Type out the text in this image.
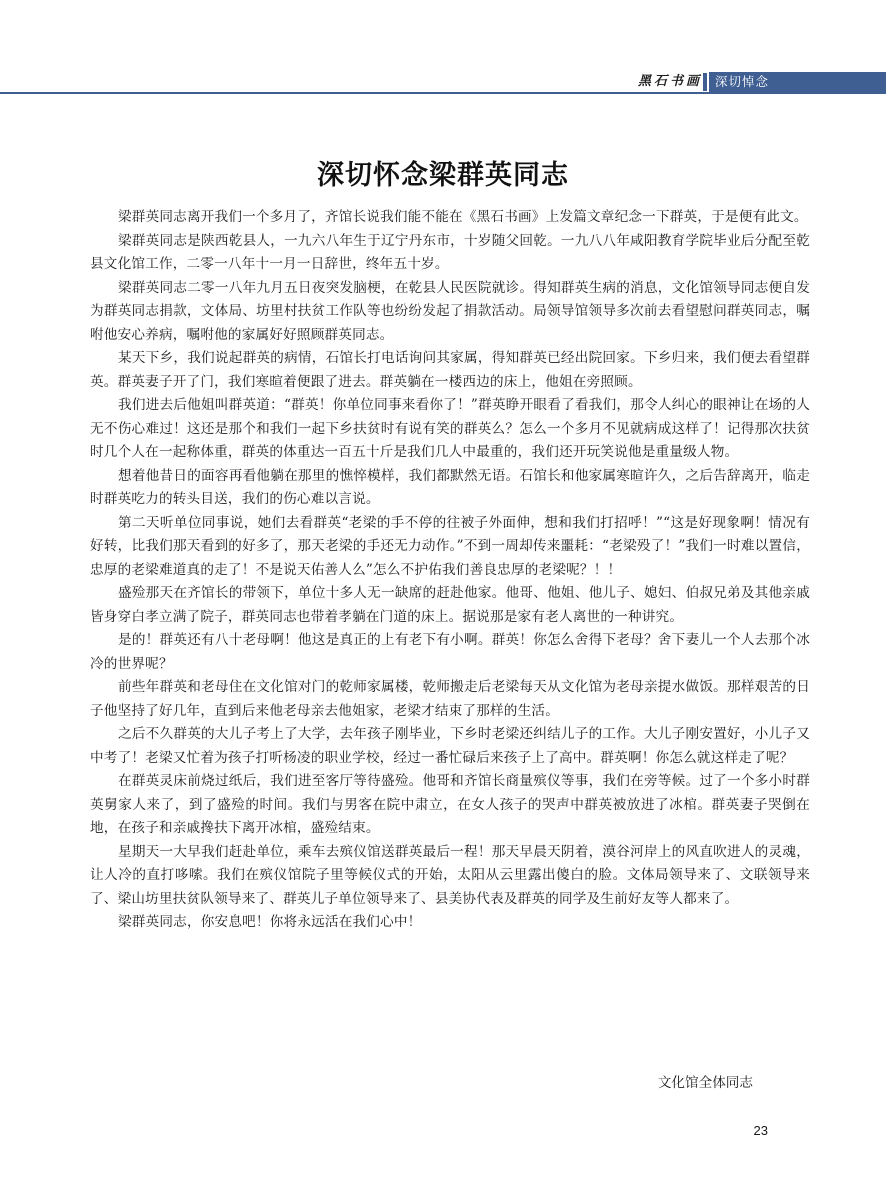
黑石书画	深切悼念
深切怀念梁群英同志

梁群英同志离开我们一个多月了，齐馆长说我们能不能在《黑石书画》上发篇文章纪念一下群英，于是便有此文。

梁群英同志是陕西乾县人，一九六八年生于辽宁丹东市，十岁随父回乾。一九八八年咸阳教育学院毕业后分配至乾县文化馆工作，二零一八年十一月一日辞世，终年五十岁。

梁群英同志二零一八年九月五日夜突发脑梗，在乾县人民医院就诊。得知群英生病的消息，文化馆领导同志便自发为群英同志捐款，文体局、坊里村扶贫工作队等也纷纷发起了捐款活动。局领导馆领导多次前去看望慰问群英同志，嘱咐他安心养病，嘱咐他的家属好好照顾群英同志。

某天下乡，我们说起群英的病情，石馆长打电话询问其家属，得知群英已经出院回家。下乡归来，我们便去看望群英。群英妻子开了门，我们寒暄着便跟了进去。群英躺在一楼西边的床上，他姐在旁照顾。

我们进去后他姐叫群英道：“群英！你单位同事来看你了！”群英睁开眼看了看我们，那令人纠心的眼神让在场的人无不伤心难过！这还是那个和我们一起下乡扶贫时有说有笑的群英么？怎么一个多月不见就病成这样了！记得那次扶贫时几个人在一起称体重，群英的体重达一百五十斤是我们几人中最重的，我们还开玩笑说他是重量级人物。

想着他昔日的面容再看他躺在那里的憔悴模样，我们都默然无语。石馆长和他家属寒暄许久，之后告辞离开，临走时群英吃力的转头目送，我们的伤心难以言说。

第二天听单位同事说，她们去看群英“老梁的手不停的往被子外面伸，想和我们打招呼！”“这是好现象啊！情况有好转，比我们那天看到的好多了，那天老梁的手还无力动作。”不到一周却传来噩耗：“老梁殁了！”我们一时难以置信，忠厚的老梁难道真的走了！不是说天佑善人么”怎么不护佑我们善良忠厚的老梁呢？！！

盛殓那天在齐馆长的带领下，单位十多人无一缺席的赶赴他家。他哥、他姐、他儿子、媳妇、伯叔兄弟及其他亲戚皆身穿白孝立满了院子，群英同志也带着孝躺在门道的床上。据说那是家有老人离世的一种讲究。

是的！群英还有八十老母啊！他这是真正的上有老下有小啊。群英！你怎么舍得下老母？舍下妻儿一个人去那个冰冷的世界呢？

前些年群英和老母住在文化馆对门的乾师家属楼，乾师搬走后老梁每天从文化馆为老母亲提水做饭。那样艰苦的日子他坚持了好几年，直到后来他老母亲去他姐家，老梁才结束了那样的生活。

之后不久群英的大儿子考上了大学，去年孩子刚毕业，下乡时老梁还纠结儿子的工作。大儿子刚安置好，小儿子又中考了！老梁又忙着为孩子打听杨凌的职业学校，经过一番忙碌后来孩子上了高中。群英啊！你怎么就这样走了呢？

在群英灵床前烧过纸后，我们进至客厅等待盛殓。他哥和齐馆长商量殡仪等事，我们在旁等候。过了一个多小时群英舅家人来了，到了盛殓的时间。我们与男客在院中肃立，在女人孩子的哭声中群英被放进了冰棺。群英妻子哭倒在地，在孩子和亲戚搀扶下离开冰棺，盛殓结束。

星期天一大早我们赶赴单位，乘车去殡仪馆送群英最后一程！那天早晨天阴着，漠谷河岸上的风直吹进人的灵魂，让人冷的直打哆嗦。我们在殡仪馆院子里等候仪式的开始，太阳从云里露出傻白的脸。文体局领导来了、文联领导来了、梁山坊里扶贫队领导来了、群英儿子单位领导来了、县美协代表及群英的同学及生前好友等人都来了。

梁群英同志，你安息吧！你将永远活在我们心中！

文化馆全体同志
23
